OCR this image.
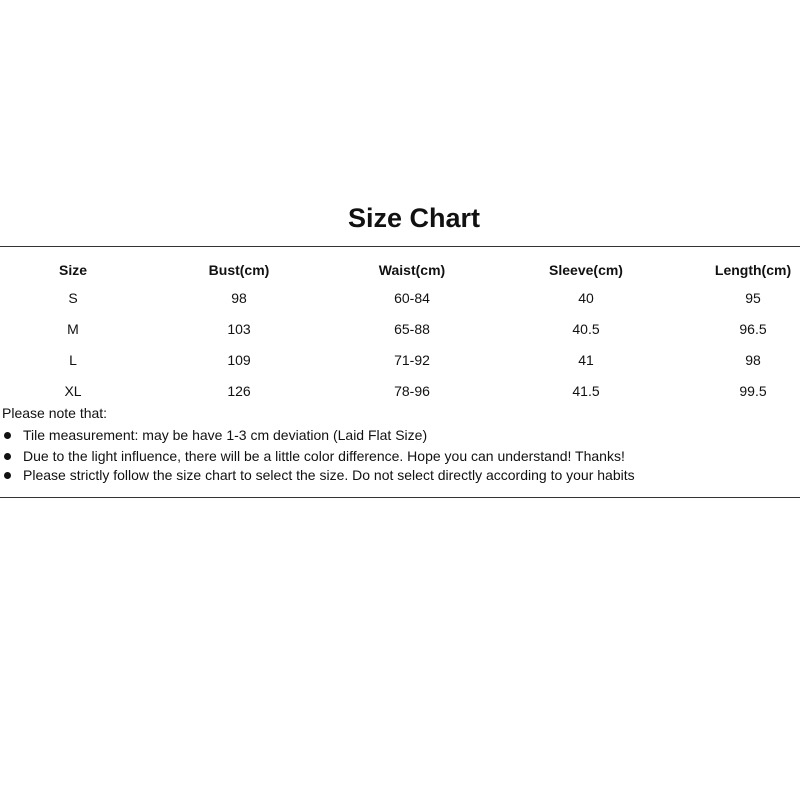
Size Chart
Size	Bust(cm)	Waist(cm)	Sleeve(cm)	Length(cm)
S	98	60-84	40	95
M	103	65-88	40.5	96.5
L	109	71-92	41	98
XL	126	78-96	41.5	99.5

Please note that:

Tile measurement: may be have 1-3 cm deviation (Laid Flat Size)
Due to the light influence, there will be a little color difference. Hope you can understand! Thanks!
Please strictly follow the size chart to select the size. Do not select directly according to your habits
